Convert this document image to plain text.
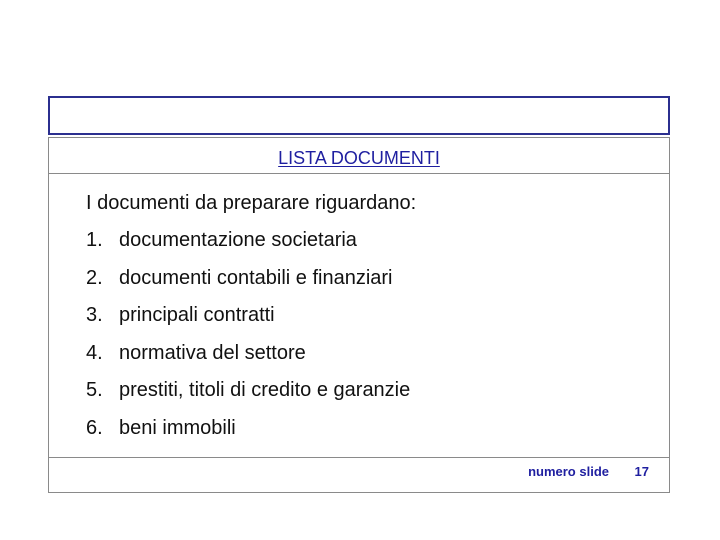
LISTA DOCUMENTI
I documenti da preparare riguardano:
1. documentazione societaria
2. documenti contabili e finanziari
3. principali contratti
4. normativa del settore
5. prestiti, titoli di credito e garanzie
6. beni immobili
numero slide 17
